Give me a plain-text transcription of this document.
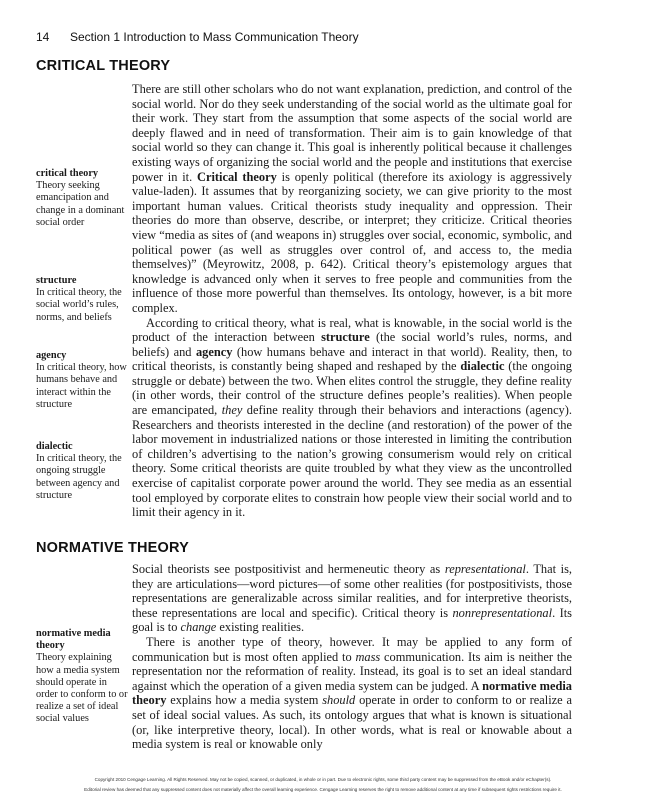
14 Section 1 Introduction to Mass Communication Theory
CRITICAL THEORY

There are still other scholars who do not want explanation, prediction, and control of the social world. Nor do they seek understanding of the social world as the ultimate goal for their work. They start from the assumption that some aspects of the social world are deeply flawed and in need of transformation. Their aim is to gain knowledge of that social world so they can change it. This goal is inherently political because it challenges existing ways of organizing the social world and the people and institutions that exercise power in it. Critical theory is openly political (therefore its axiology is aggressively value-laden). It assumes that by reorganizing society, we can give priority to the most important human values. Critical theorists study inequality and oppression. Their theories do more than observe, describe, or interpret; they criticize. Critical theories view “media as sites of (and weapons in) struggles over social, economic, symbolic, and political power (as well as struggles over control of, and access to, the media themselves)” (Meyrowitz, 2008, p. 642). Critical theory’s epistemology argues that knowledge is advanced only when it serves to free people and communities from the influence of those more powerful than themselves. Its ontology, however, is a bit more complex.

According to critical theory, what is real, what is knowable, in the social world is the product of the interaction between structure (the social world’s rules, norms, and beliefs) and agency (how humans behave and interact in that world). Reality, then, to critical theorists, is constantly being shaped and reshaped by the dialectic (the ongoing struggle or debate) between the two. When elites control the struggle, they define reality (in other words, their control of the structure defines people’s realities). When people are emancipated, they define reality through their behaviors and interactions (agency). Researchers and theorists interested in the decline (and restoration) of the power of the labor movement in industrialized nations or those interested in limiting the contribution of children’s advertising to the nation’s growing consumerism would rely on critical theory. Some critical theorists are quite troubled by what they view as the uncontrolled exercise of capitalist corporate power around the world. They see media as an essential tool employed by corporate elites to constrain how people view their social world and to limit their agency in it.

critical theory
Theory seeking emancipation and change in a dominant social order
structure
In critical theory, the social world’s rules, norms, and beliefs
agency
In critical theory, how humans behave and interact within the structure
dialectic
In critical theory, the ongoing struggle between agency and structure
NORMATIVE THEORY

Social theorists see postpositivist and hermeneutic theory as representational. That is, they are articulations—word pictures—of some other realities (for postpositivists, those representations are generalizable across similar realities, and for interpretive theorists, these representations are local and specific). Critical theory is nonrepresentational. Its goal is to change existing realities.

There is another type of theory, however. It may be applied to any form of communication but is most often applied to mass communication. Its aim is neither the representation nor the reformation of reality. Instead, its goal is to set an ideal standard against which the operation of a given media system can be judged. A normative media theory explains how a media system should operate in order to conform to or realize a set of ideal social values. As such, its ontology argues that what is known is situational (or, like interpretive theory, local). In other words, what is real or knowable about a media system is real or knowable only

normative media theory
Theory explaining how a media system should operate in order to conform to or realize a set of ideal social values
Copyright 2010 Cengage Learning. All Rights Reserved. May not be copied, scanned, or duplicated, in whole or in part. Due to electronic rights, some third party content may be suppressed from the eBook and/or eChapter(s).
Editorial review has deemed that any suppressed content does not materially affect the overall learning experience. Cengage Learning reserves the right to remove additional content at any time if subsequent rights restrictions require it.
